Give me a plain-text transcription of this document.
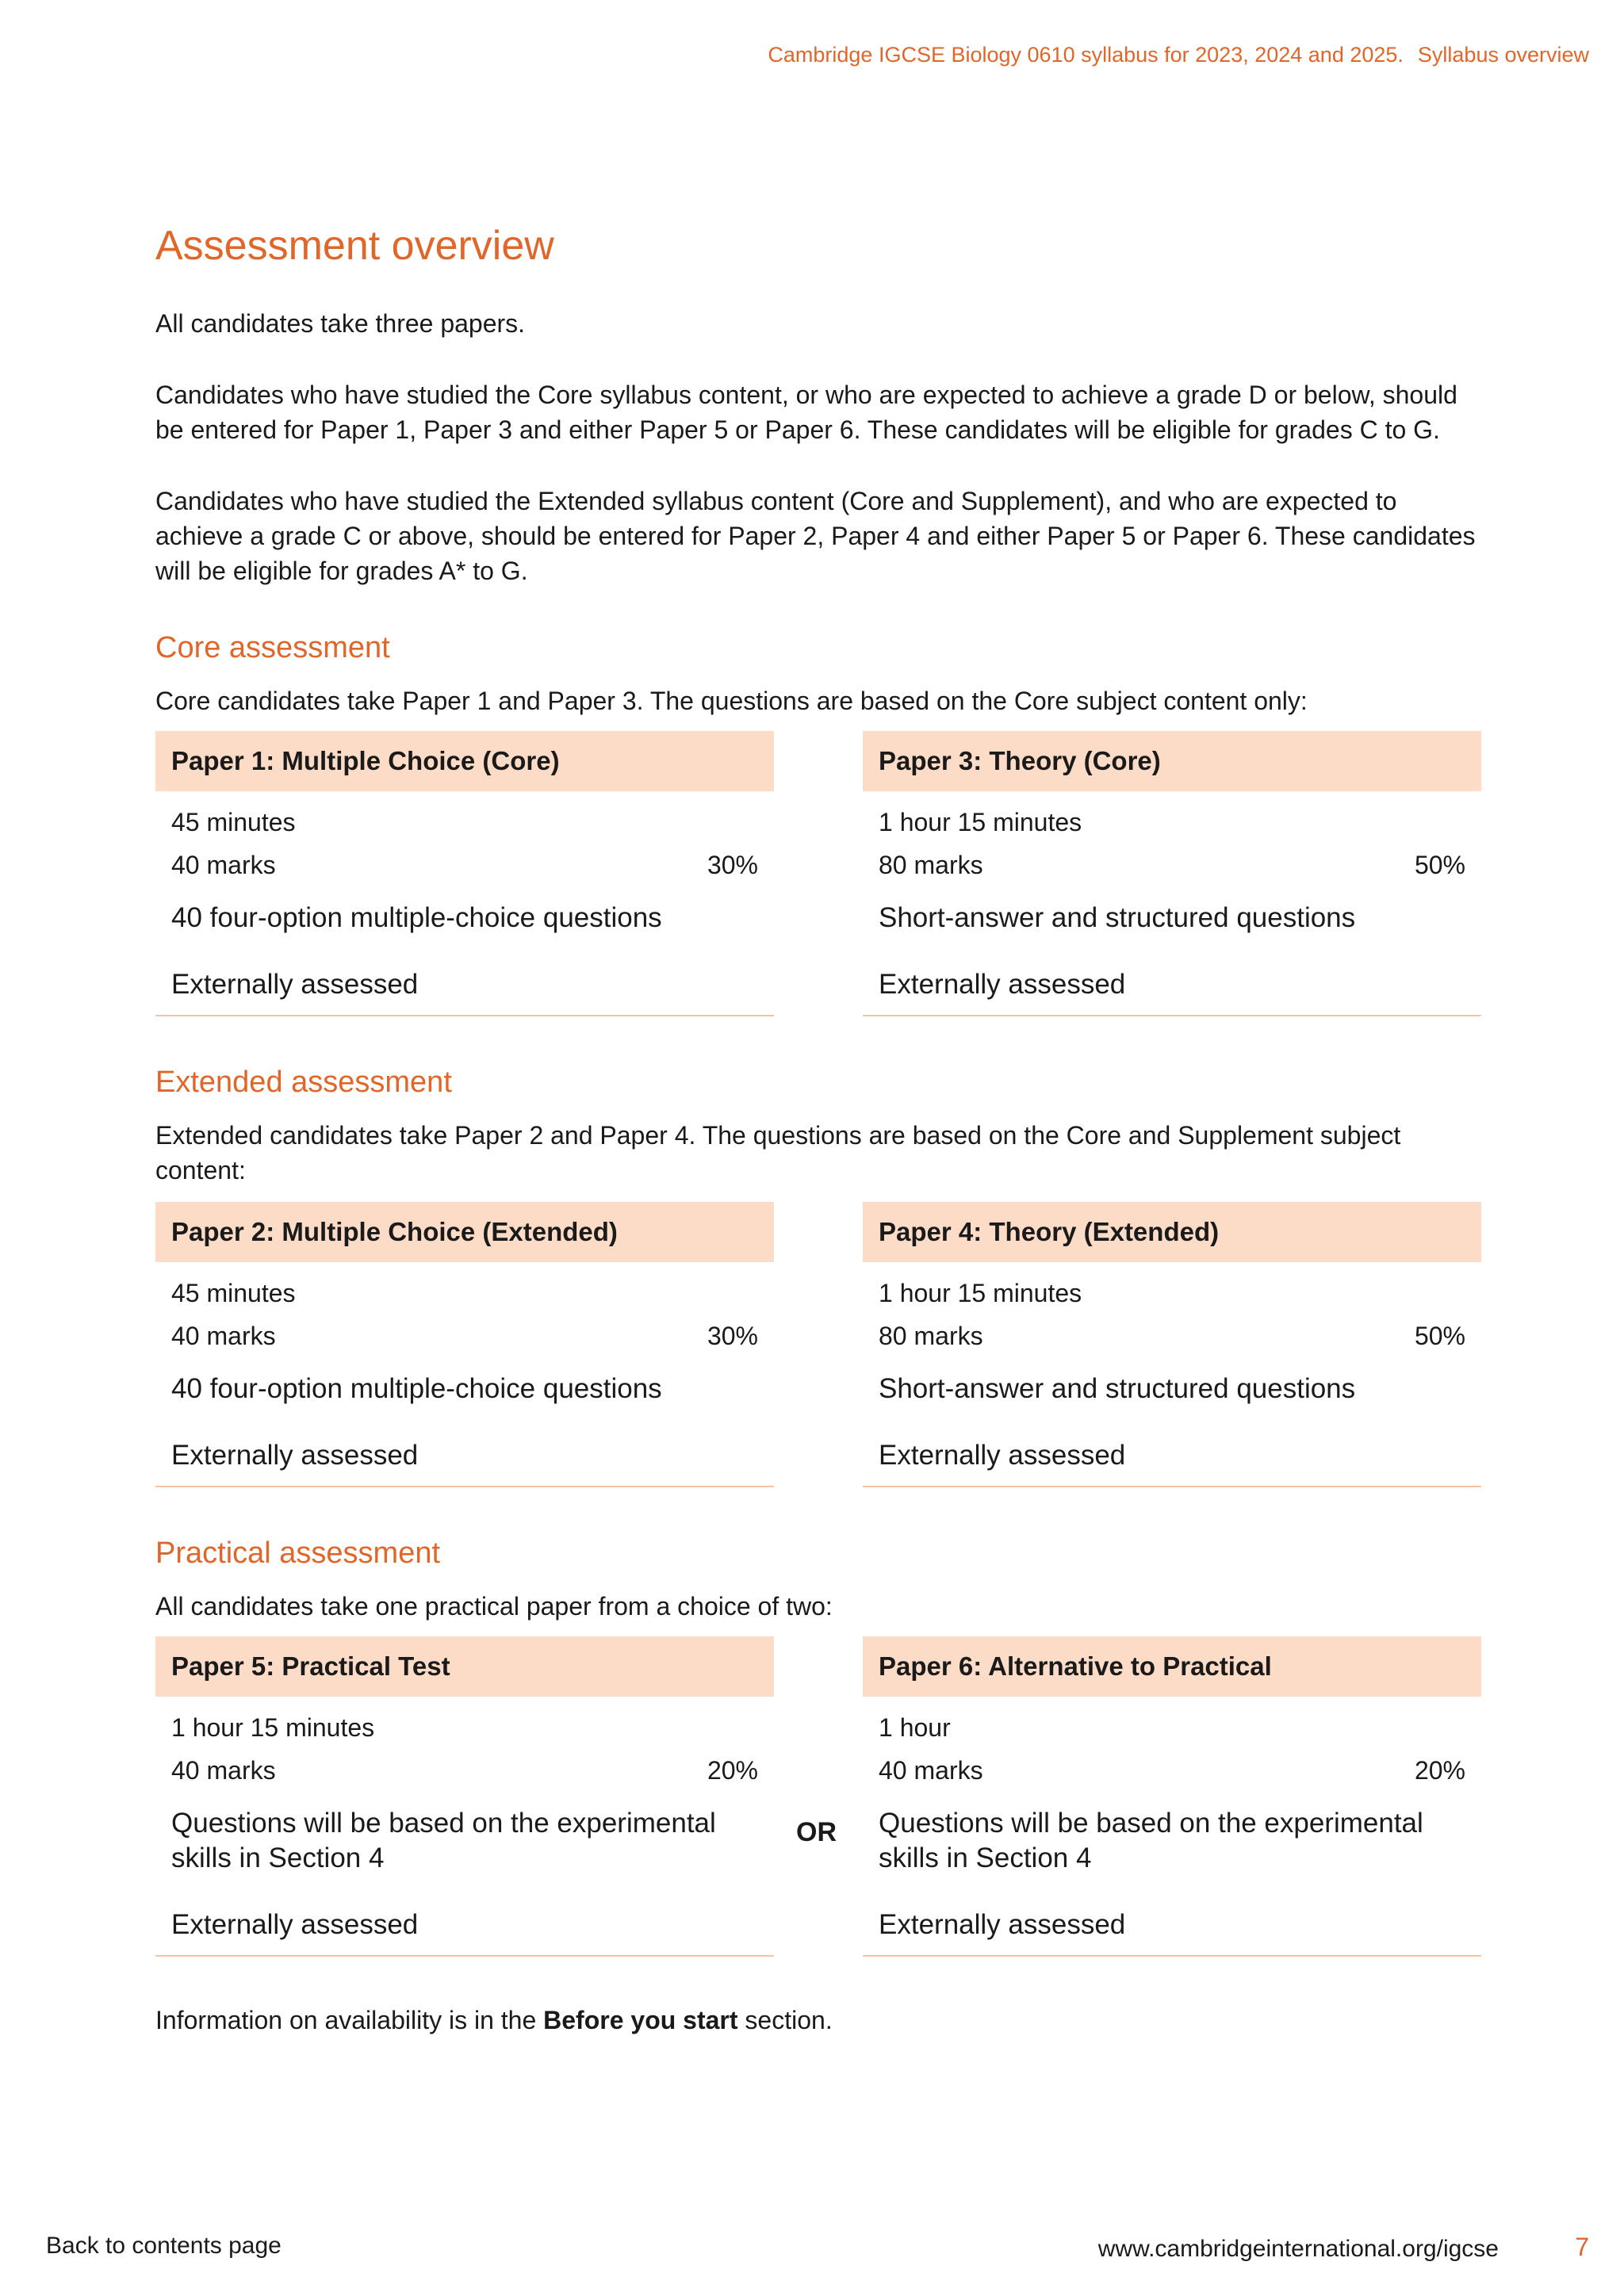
Cambridge IGCSE Biology 0610 syllabus for 2023, 2024 and 2025. Syllabus overview
Assessment overview

All candidates take three papers.

Candidates who have studied the Core syllabus content, or who are expected to achieve a grade D or below, should be entered for Paper 1, Paper 3 and either Paper 5 or Paper 6. These candidates will be eligible for grades C to G.

Candidates who have studied the Extended syllabus content (Core and Supplement), and who are expected to achieve a grade C or above, should be entered for Paper 2, Paper 4 and either Paper 5 or Paper 6. These candidates will be eligible for grades A* to G.

Core assessment

Core candidates take Paper 1 and Paper 3. The questions are based on the Core subject content only:

Paper 1: Multiple Choice (Core)
45 minutes
40 marks	30%
40 four-option multiple-choice questions
Externally assessed
Paper 3: Theory (Core)
1 hour 15 minutes
80 marks	50%
Short-answer and structured questions
Externally assessed
Extended assessment

Extended candidates take Paper 2 and Paper 4. The questions are based on the Core and Supplement subject content:

Paper 2: Multiple Choice (Extended)
45 minutes
40 marks	30%
40 four-option multiple-choice questions
Externally assessed
Paper 4: Theory (Extended)
1 hour 15 minutes
80 marks	50%
Short-answer and structured questions
Externally assessed
Practical assessment

All candidates take one practical paper from a choice of two:

Paper 5: Practical Test
1 hour 15 minutes
40 marks	20%
Questions will be based on the experimental skills in Section 4
Externally assessed
OR
Paper 6: Alternative to Practical
1 hour
40 marks	20%
Questions will be based on the experimental skills in Section 4
Externally assessed

Information on availability is in the Before you start section.

Back to contents page	www.cambridgeinternational.org/igcse	7
